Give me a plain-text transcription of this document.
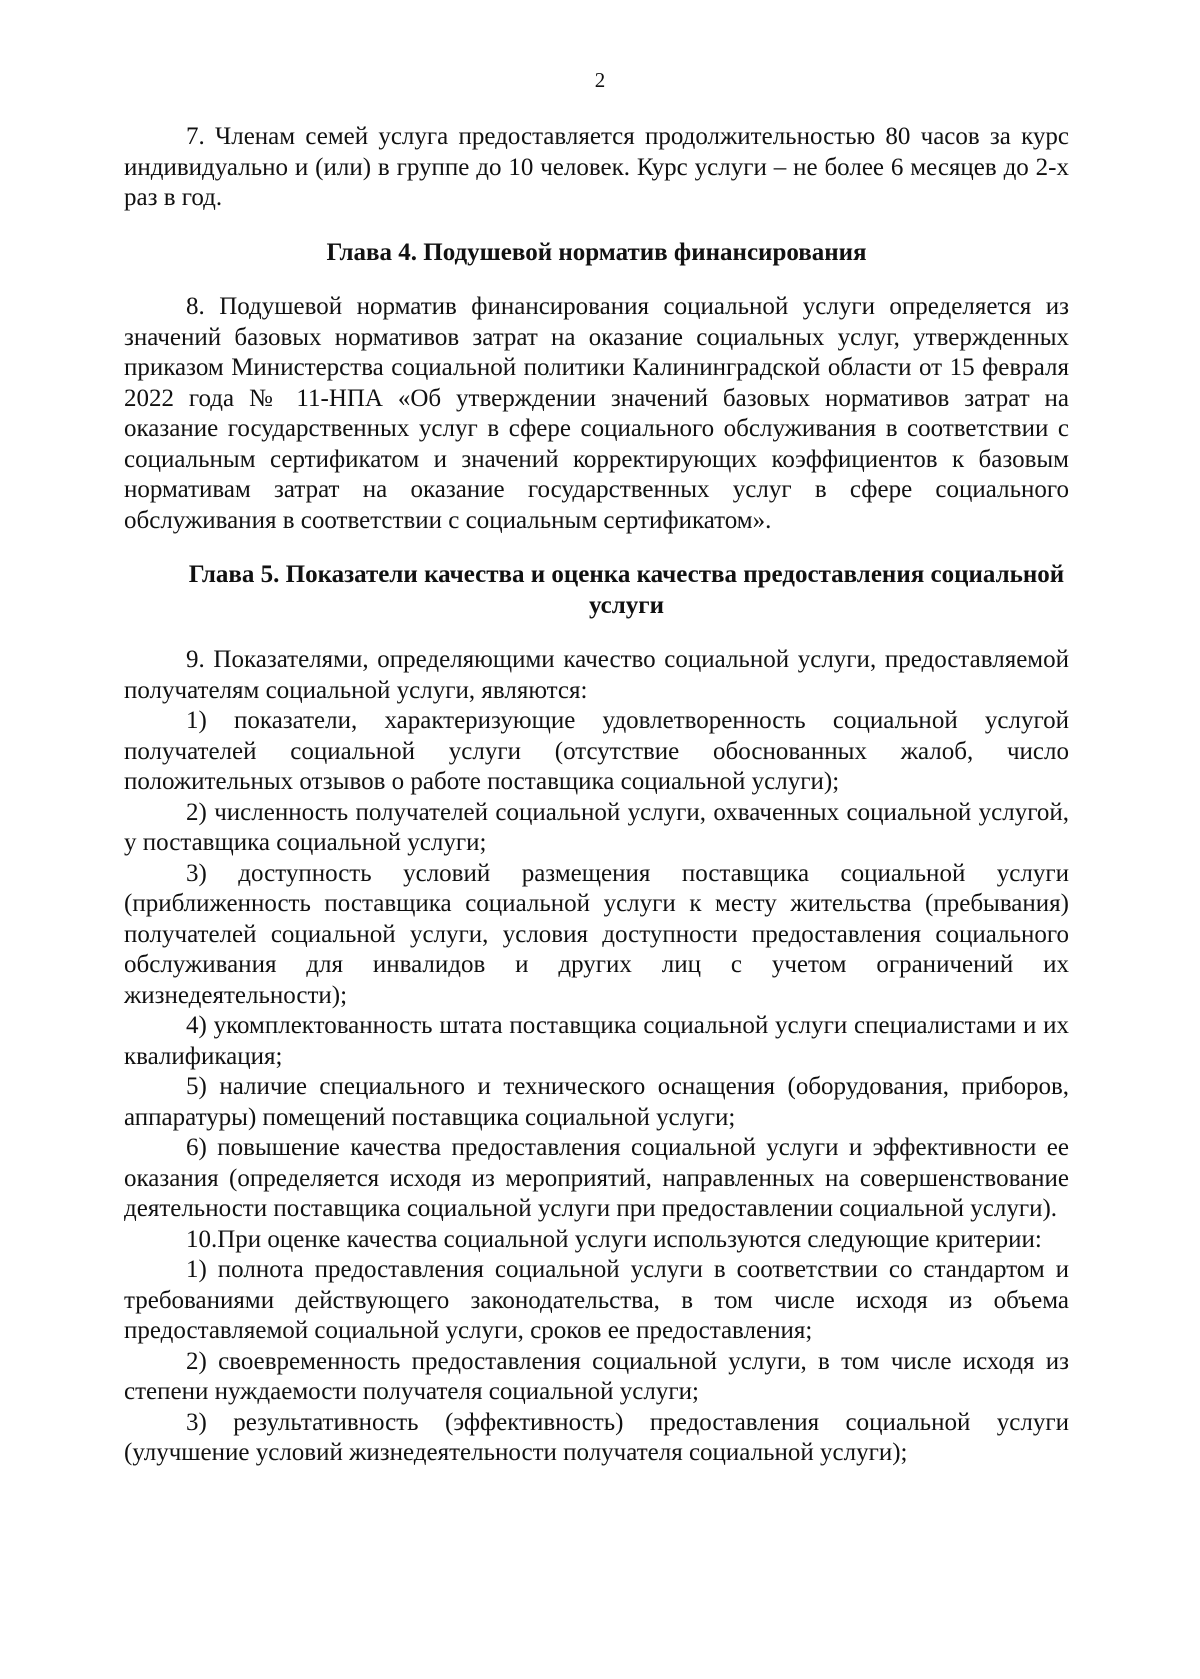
2

7. Членам семей услуга предоставляется продолжительностью 80 часов за курс индивидуально и (или) в группе до 10 человек. Курс услуги – не более 6 месяцев до 2-х раз в год.

Глава 4. Подушевой норматив финансирования

8. Подушевой норматив финансирования социальной услуги определяется из значений базовых нормативов затрат на оказание социальных услуг, утвержденных приказом Министерства социальной политики Калининградской области от 15 февраля 2022 года № 11-НПА «Об утверждении значений базовых нормативов затрат на оказание государственных услуг в сфере социального обслуживания в соответствии с социальным сертификатом и значений корректирующих коэффициентов к базовым нормативам затрат на оказание государственных услуг в сфере социального обслуживания в соответствии с социальным сертификатом».

Глава 5. Показатели качества и оценка качества предоставления социальной услуги

9. Показателями, определяющими качество социальной услуги, предоставляемой получателям социальной услуги, являются:

1) показатели, характеризующие удовлетворенность социальной услугой получателей социальной услуги (отсутствие обоснованных жалоб, число положительных отзывов о работе поставщика социальной услуги);

2) численность получателей социальной услуги, охваченных социальной услугой, у поставщика социальной услуги;

3) доступность условий размещения поставщика социальной услуги (приближенность поставщика социальной услуги к месту жительства (пребывания) получателей социальной услуги, условия доступности предоставления социального обслуживания для инвалидов и других лиц с учетом ограничений их жизнедеятельности);

4) укомплектованность штата поставщика социальной услуги специалистами и их квалификация;

5) наличие специального и технического оснащения (оборудования, приборов, аппаратуры) помещений поставщика социальной услуги;

6) повышение качества предоставления социальной услуги и эффективности ее оказания (определяется исходя из мероприятий, направленных на совершенствование деятельности поставщика социальной услуги при предоставлении социальной услуги).

10.При оценке качества социальной услуги используются следующие критерии:

1) полнота предоставления социальной услуги в соответствии со стандартом и требованиями действующего законодательства, в том числе исходя из объема предоставляемой социальной услуги, сроков ее предоставления;

2) своевременность предоставления социальной услуги, в том числе исходя из степени нуждаемости получателя социальной услуги;

3) результативность (эффективность) предоставления социальной услуги (улучшение условий жизнедеятельности получателя социальной услуги);
